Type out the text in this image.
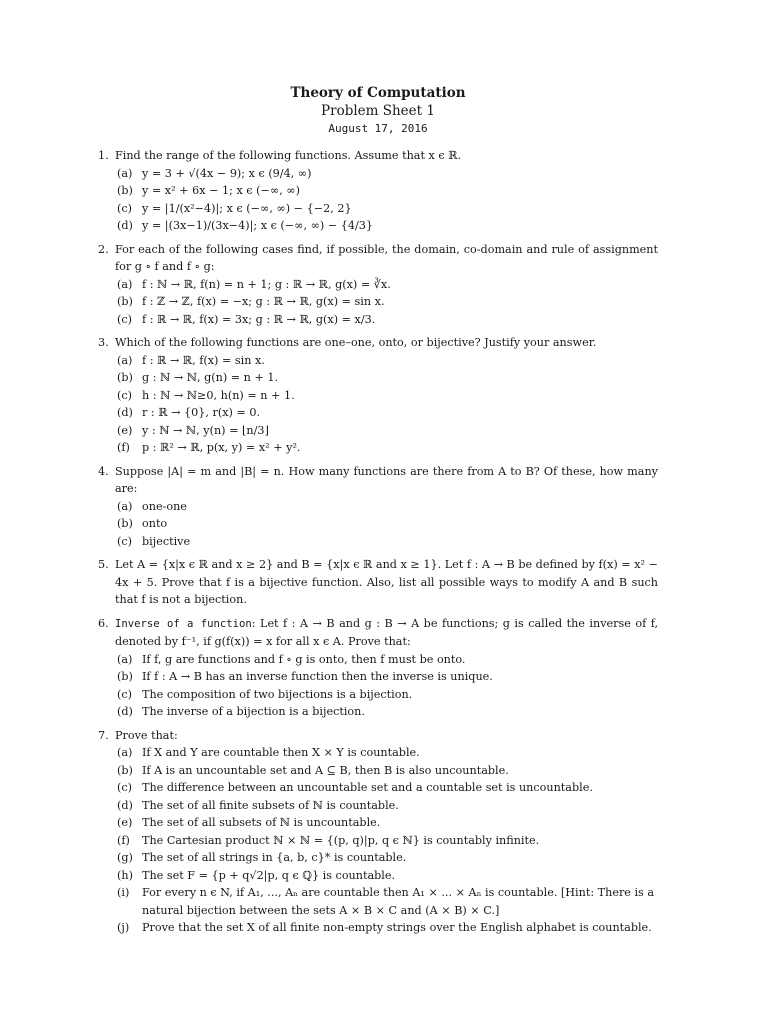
Theory of Computation
Problem Sheet 1
August 17, 2016
1. Find the range of the following functions. Assume that x ϵ ℝ.
(a) y = 3 + √(4x − 9); x ϵ (9/4, ∞)
(b) y = x² + 6x − 1; x ϵ (−∞, ∞)
(c) y = |1/(x²−4)|; x ϵ (−∞, ∞) − {−2, 2}
(d) y = |(3x−1)/(3x−4)|; x ϵ (−∞, ∞) − {4/3}
2. For each of the following cases find, if possible, the domain, co-domain and rule of assignment for g ∘ f and f ∘ g:
(a) f : ℕ → ℝ, f(n) = n + 1; g : ℝ → ℝ, g(x) = ∛x.
(b) f : ℤ → ℤ, f(x) = −x; g : ℝ → ℝ, g(x) = sin x.
(c) f : ℝ → ℝ, f(x) = 3x; g : ℝ → ℝ, g(x) = x/3.
3. Which of the following functions are one–one, onto, or bijective? Justify your answer.
(a) f : ℝ → ℝ, f(x) = sin x.
(b) g : ℕ → ℕ, g(n) = n + 1.
(c) h : ℕ → ℕ≥0, h(n) = n + 1.
(d) r : ℝ → {0}, r(x) = 0.
(e) y : ℕ → ℕ, y(n) = ⌊n/3⌋
(f) p : ℝ² → ℝ, p(x, y) = x² + y².
4. Suppose |A| = m and |B| = n. How many functions are there from A to B? Of these, how many are:
(a) one-one
(b) onto
(c) bijective
5. Let A = {x|x ϵ ℝ and x ≥ 2} and B = {x|x ϵ ℝ and x ≥ 1}. Let f : A → B be defined by f(x) = x² − 4x + 5. Prove that f is a bijective function. Also, list all possible ways to modify A and B such that f is not a bijection.
6. Inverse of a function: Let f : A → B and g : B → A be functions; g is called the inverse of f, denoted by f⁻¹, if g(f(x)) = x for all x ϵ A. Prove that:
(a) If f, g are functions and f ∘ g is onto, then f must be onto.
(b) If f : A → B has an inverse function then the inverse is unique.
(c) The composition of two bijections is a bijection.
(d) The inverse of a bijection is a bijection.
7. Prove that:
(a) If X and Y are countable then X × Y is countable.
(b) If A is an uncountable set and A ⊆ B, then B is also uncountable.
(c) The difference between an uncountable set and a countable set is uncountable.
(d) The set of all finite subsets of ℕ is countable.
(e) The set of all subsets of ℕ is uncountable.
(f) The Cartesian product ℕ × ℕ = {(p, q)|p, q ϵ ℕ} is countably infinite.
(g) The set of all strings in {a, b, c}* is countable.
(h) The set F = {p + q√2|p, q ϵ ℚ} is countable.
(i) For every n ϵ N, if A₁, ..., Aₙ are countable then A₁ × ... × Aₙ is countable. [Hint: There is a natural bijection between the sets A × B × C and (A × B) × C.]
(j) Prove that the set X of all finite non-empty strings over the English alphabet is countable.
